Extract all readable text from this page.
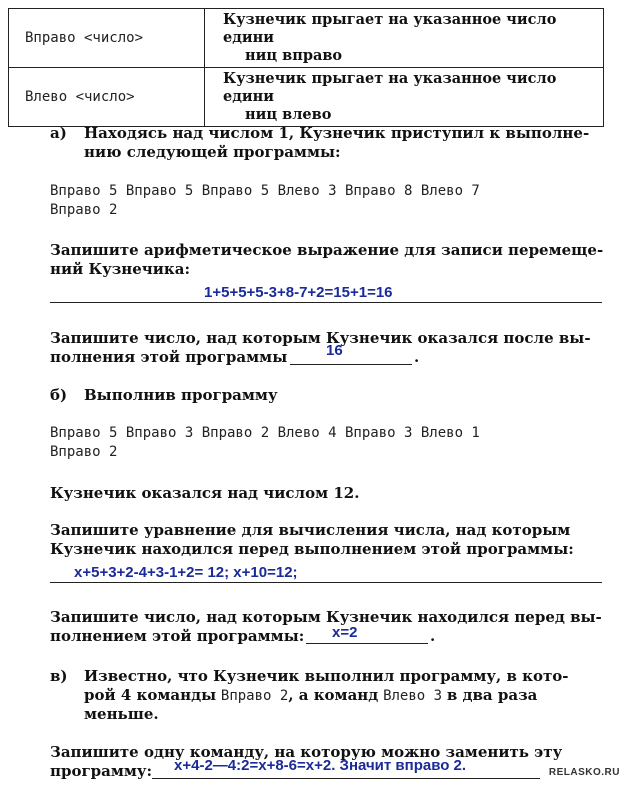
Вправо <число>	Кузнечик прыгает на указанное число едини
ниц вправо

Влево <число>	Кузнечик прыгает на указанное число едини
ниц влево
а) Находясь над числом 1, Кузнечик приступил к выполне-
нию следующей программы:
Вправо 5 Вправо 5 Вправо 5 Влево 3 Вправо 8 Влево 7
Вправо 2
Запишите арифметическое выражение для записи перемеще-
ний Кузнечика:
1+5+5+5-3+8-7+2=15+1=16
Запишите число, над которым Кузнечик оказался после вы-
полнения этой программы	.
16
б) Выполнив программу
Вправо 5 Вправо 3 Вправо 2 Влево 4 Вправо 3 Влево 1
Вправо 2
Кузнечик оказался над числом 12.
Запишите уравнение для вычисления числа, над которым
Кузнечик находился перед выполнением этой программы:
x+5+3+2-4+3-1+2= 12; x+10=12;
Запишите число, над которым Кузнечик находился перед вы-
полнением этой программы:	.
x=2
в) Известно, что Кузнечик выполнил программу, в кото-
рой 4 команды Вправо 2, а команд Влево 3 в два раза
меньше.
Запишите одну команду, на которую можно заменить эту
программу: x+4-2—4:2=x+8-6=x+2. Значит вправо 2.	RELASKO.RU
